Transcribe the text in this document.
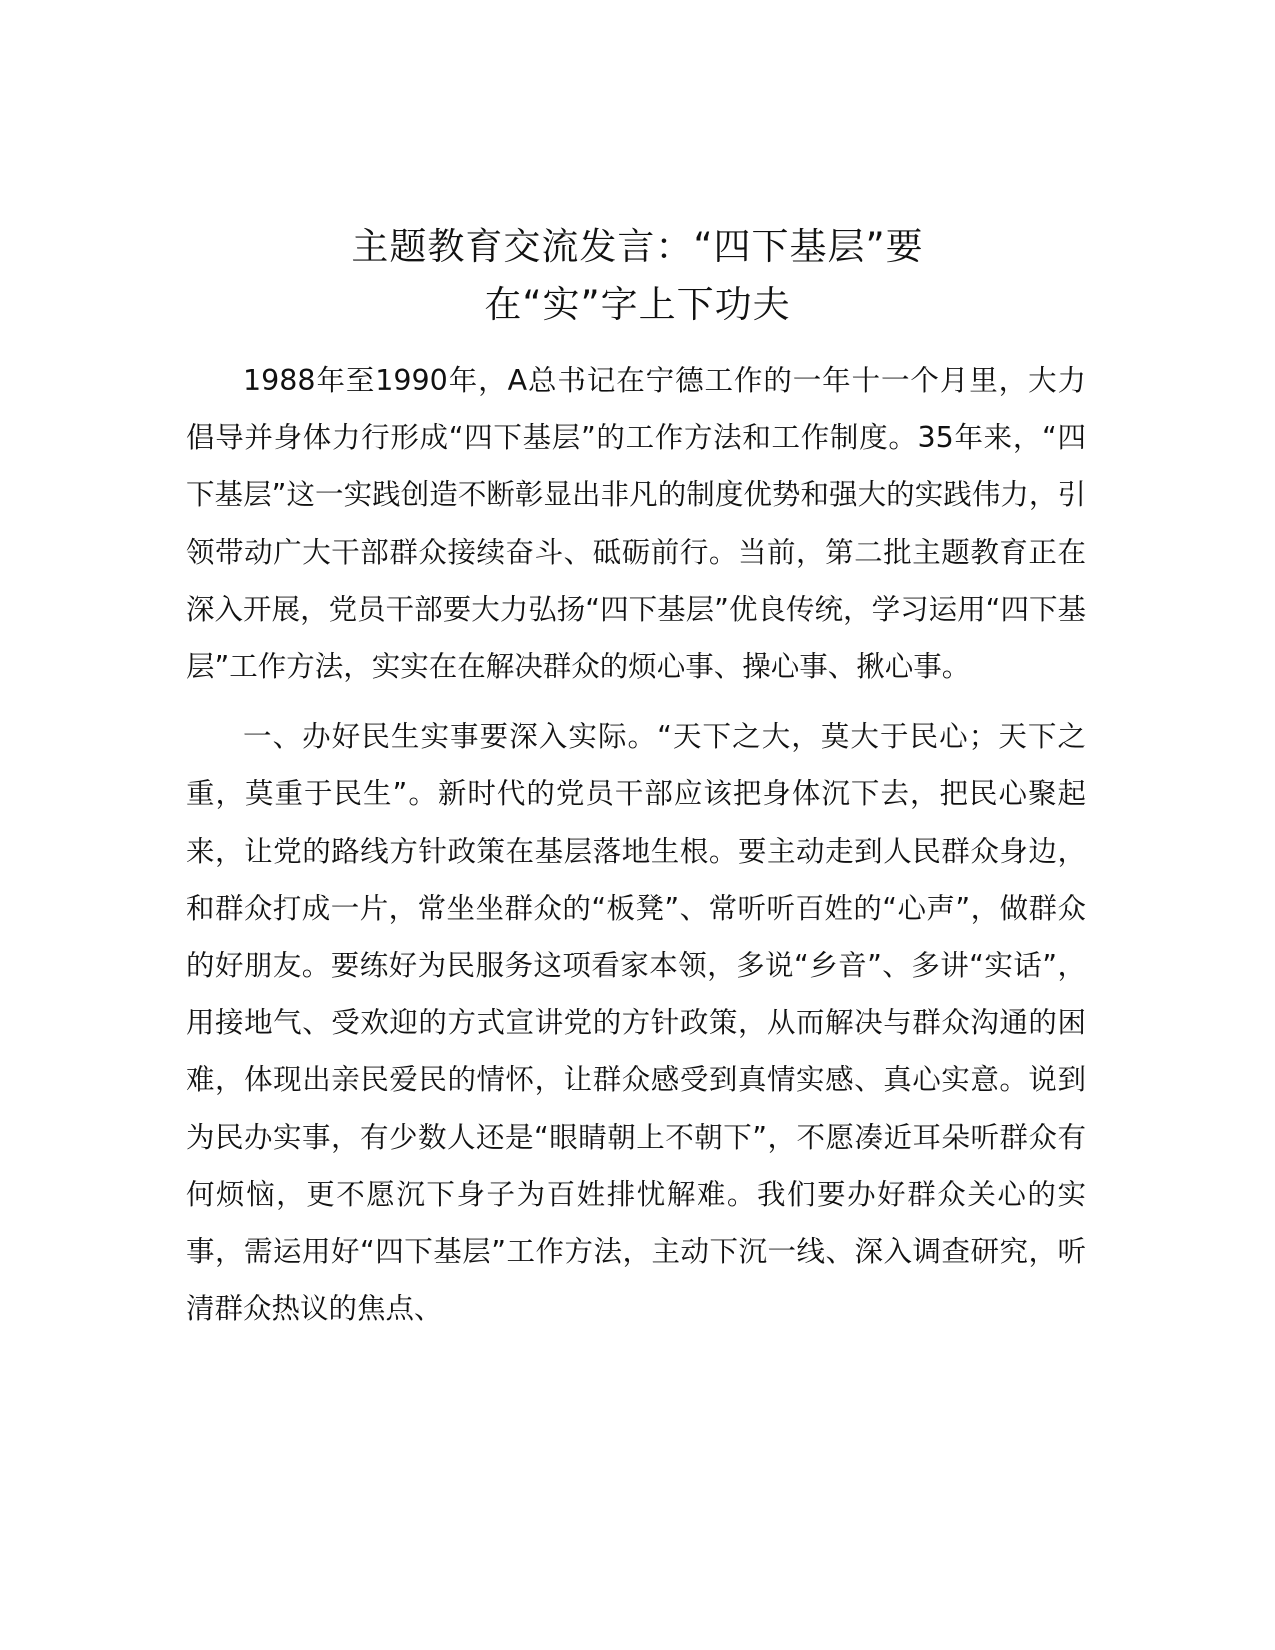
主题教育交流发言：“四下基层”要
在“实”字上下功夫

1988年至1990年，A总书记在宁德工作的一年十一个月里，大力倡导并身体力行形成“四下基层”的工作方法和工作制度。35年来，“四下基层”这一实践创造不断彰显出非凡的制度优势和强大的实践伟力，引领带动广大干部群众接续奋斗、砥砺前行。当前，第二批主题教育正在深入开展，党员干部要大力弘扬“四下基层”优良传统，学习运用“四下基层”工作方法，实实在在解决群众的烦心事、操心事、揪心事。

一、办好民生实事要深入实际。“天下之大，莫大于民心；天下之重，莫重于民生”。新时代的党员干部应该把身体沉下去，把民心聚起来，让党的路线方针政策在基层落地生根。要主动走到人民群众身边，和群众打成一片，常坐坐群众的“板凳”、常听听百姓的“心声”，做群众的好朋友。要练好为民服务这项看家本领，多说“乡音”、多讲“实话”，用接地气、受欢迎的方式宣讲党的方针政策，从而解决与群众沟通的困难，体现出亲民爱民的情怀，让群众感受到真情实感、真心实意。说到为民办实事，有少数人还是“眼睛朝上不朝下”，不愿凑近耳朵听群众有何烦恼，更不愿沉下身子为百姓排忧解难。我们要办好群众关心的实事，需运用好“四下基层”工作方法，主动下沉一线、深入调查研究，听清群众热议的焦点、
